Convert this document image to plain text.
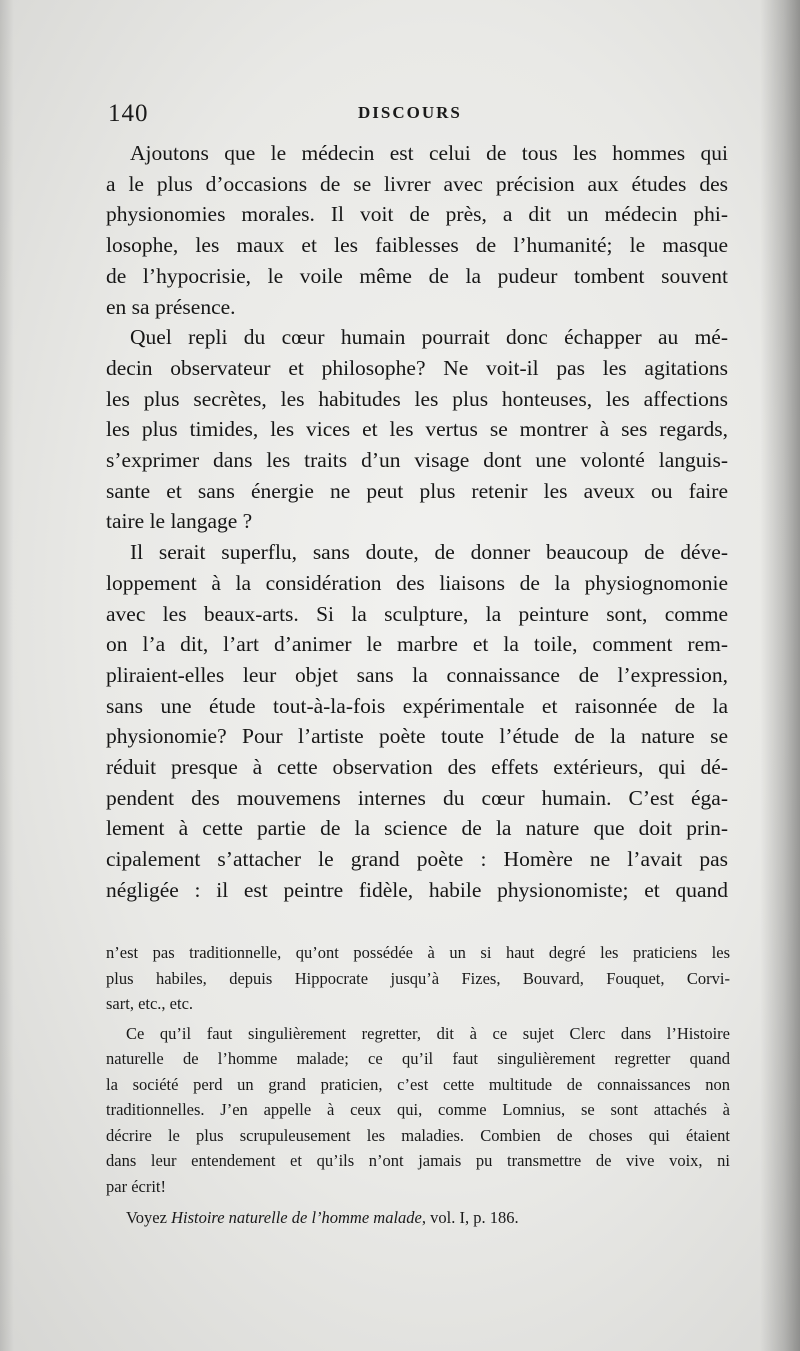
140	DISCOURS
Ajoutons que le médecin est celui de tous les hommes qui
a le plus d’occasions de se livrer avec précision aux études des
physionomies morales. Il voit de près, a dit un médecin phi-
losophe, les maux et les faiblesses de l’humanité; le masque
de l’hypocrisie, le voile même de la pudeur tombent souvent
en sa présence.
Quel repli du cœur humain pourrait donc échapper au mé-
decin observateur et philosophe? Ne voit-il pas les agitations
les plus secrètes, les habitudes les plus honteuses, les affections
les plus timides, les vices et les vertus se montrer à ses regards,
s’exprimer dans les traits d’un visage dont une volonté languis-
sante et sans énergie ne peut plus retenir les aveux ou faire
taire le langage ?
Il serait superflu, sans doute, de donner beaucoup de déve-
loppement à la considération des liaisons de la physiognomonie
avec les beaux-arts. Si la sculpture, la peinture sont, comme
on l’a dit, l’art d’animer le marbre et la toile, comment rem-
pliraient-elles leur objet sans la connaissance de l’expression,
sans une étude tout-à-la-fois expérimentale et raisonnée de la
physionomie? Pour l’artiste poète toute l’étude de la nature se
réduit presque à cette observation des effets extérieurs, qui dé-
pendent des mouvemens internes du cœur humain. C’est éga-
lement à cette partie de la science de la nature que doit prin-
cipalement s’attacher le grand poète : Homère ne l’avait pas
négligée : il est peintre fidèle, habile physionomiste; et quand
n’est pas traditionnelle, qu’ont possédée à un si haut degré les praticiens les
plus habiles, depuis Hippocrate jusqu’à Fizes, Bouvard, Fouquet, Corvi-
sart, etc., etc.
Ce qu’il faut singulièrement regretter, dit à ce sujet Clerc dans l’Histoire
naturelle de l’homme malade; ce qu’il faut singulièrement regretter quand
la société perd un grand praticien, c’est cette multitude de connaissances non
traditionnelles. J’en appelle à ceux qui, comme Lomnius, se sont attachés à
décrire le plus scrupuleusement les maladies. Combien de choses qui étaient
dans leur entendement et qu’ils n’ont jamais pu transmettre de vive voix, ni
par écrit!
Voyez Histoire naturelle de l’homme malade, vol. I, p. 186.
